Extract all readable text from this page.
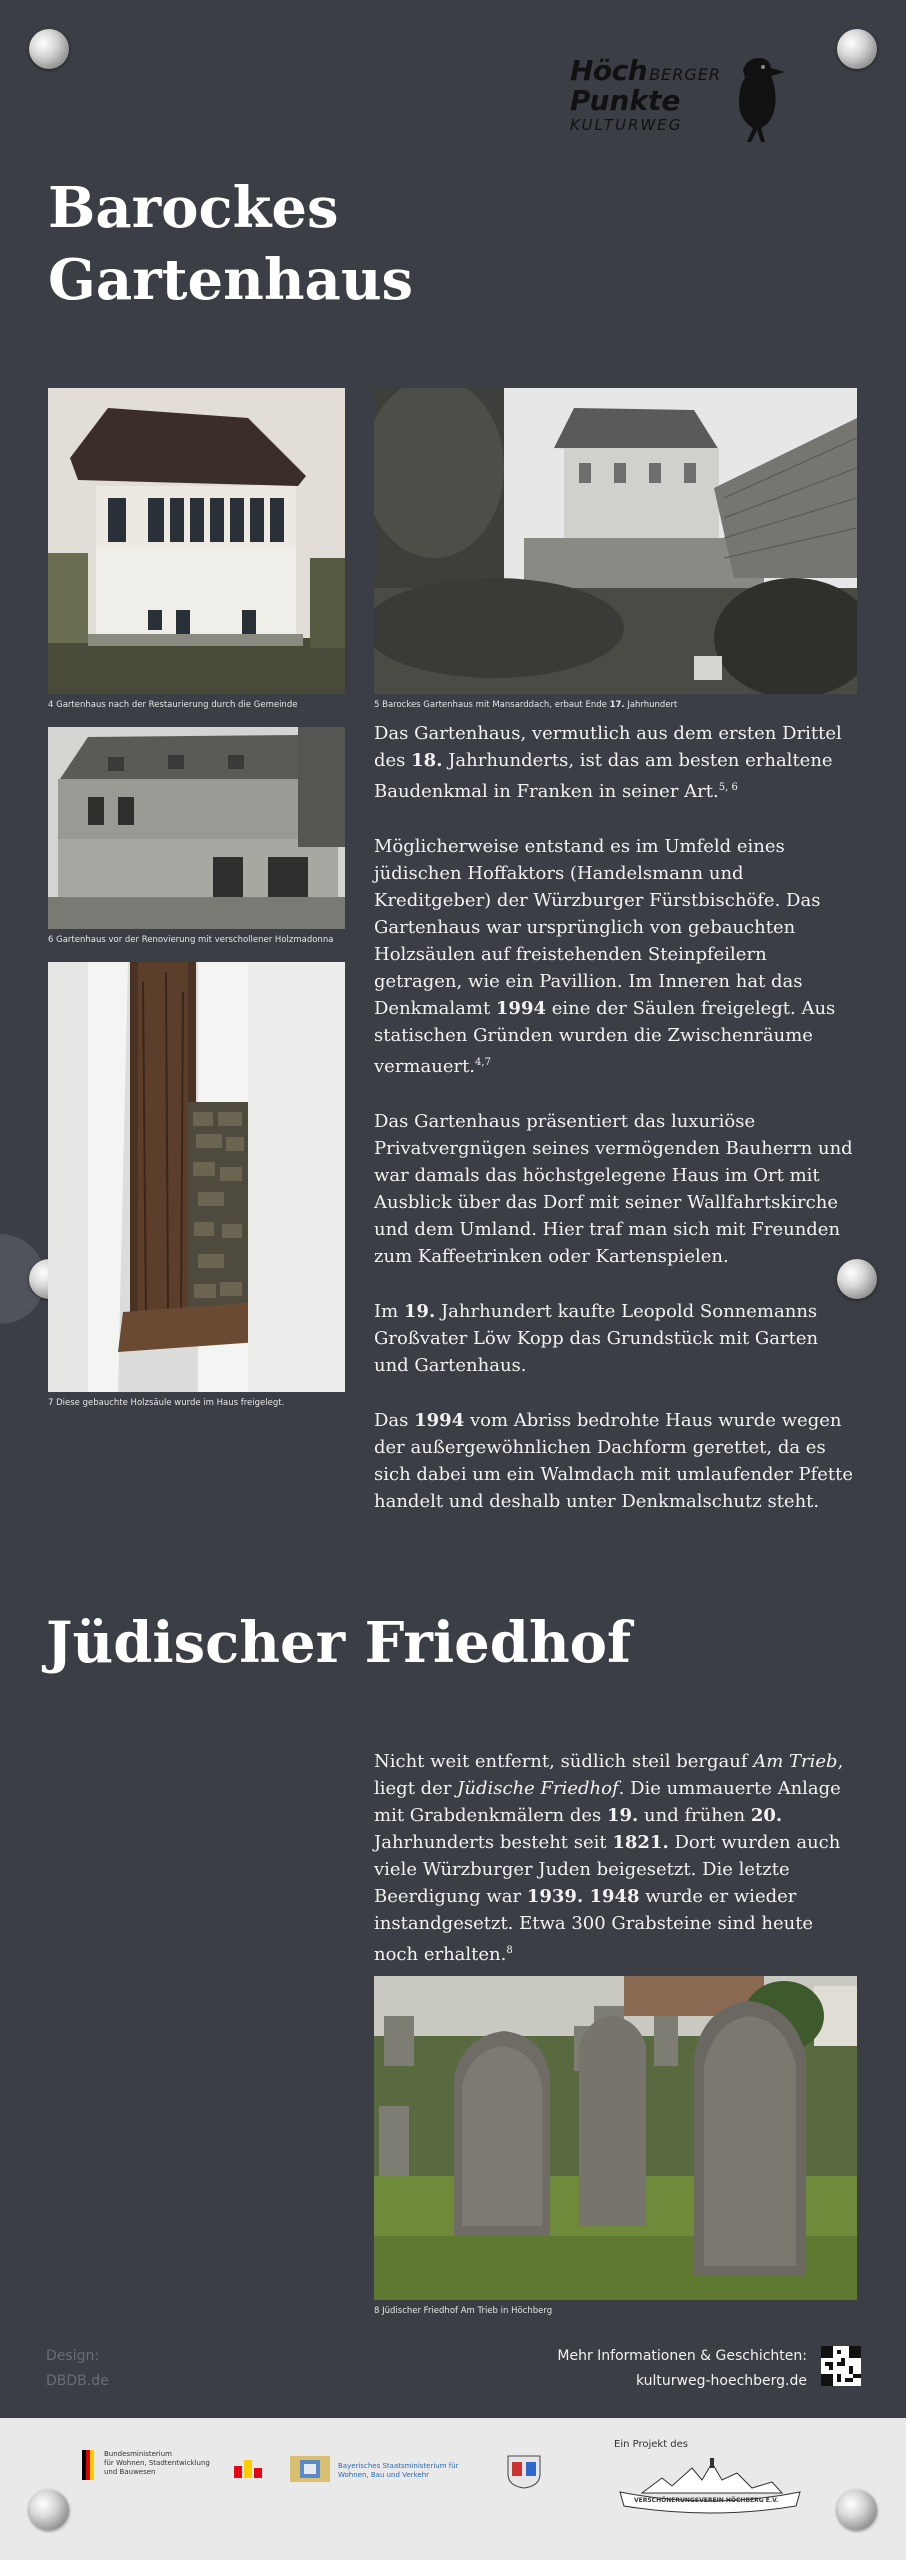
Höch BERGER
Punkte
KULTURWEG
Barockes
Gartenhaus
4 Gartenhaus nach der Restaurierung durch die Gemeinde	5 Barockes Gartenhaus mit Mansarddach, erbaut Ende 17. Jahrhundert
6 Gartenhaus vor der Renovierung mit verschollener Holzmadonna
7 Diese gebauchte Holzsäule wurde im Haus freigelegt.

Das Gartenhaus, vermutlich aus dem ersten Drittel des 18. Jahrhunderts, ist das am besten erhaltene Baudenkmal in Franken in seiner Art.$^{5, 6}$

Möglicherweise entstand es im Umfeld eines jüdischen Hoffaktors (Handelsmann und Kreditgeber) der Würzburger Fürstbischöfe. Das Gartenhaus war ursprünglich von gebauchten Holzsäulen auf freistehenden Steinpfeilern getragen, wie ein Pavillion. Im Inneren hat das Denkmalamt 1994 eine der Säulen freigelegt. Aus statischen Gründen wurden die Zwischenräume vermauert.$^{4,7}$

Das Gartenhaus präsentiert das luxuriöse Privatvergnügen seines vermögenden Bauherrn und war damals das höchstgelegene Haus im Ort mit Ausblick über das Dorf mit seiner Wallfahrtskirche und dem Umland. Hier traf man sich mit Freunden zum Kaffeetrinken oder Kartenspielen.

Im 19. Jahrhundert kaufte Leopold Sonnemanns Großvater Löw Kopp das Grundstück mit Garten und Gartenhaus.

Das 1994 vom Abriss bedrohte Haus wurde wegen der außergewöhnlichen Dachform gerettet, da es sich dabei um ein Walmdach mit umlaufender Pfette handelt und deshalb unter Denkmalschutz steht.

Jüdischer Friedhof

Nicht weit entfernt, südlich steil bergauf Am Trieb, liegt der Jüdische Friedhof. Die ummauerte Anlage mit Grabdenkmälern des 19. und frühen 20. Jahrhunderts besteht seit 1821. Dort wurden auch viele Würzburger Juden beigesetzt. Die letzte Beerdigung war 1939. 1948 wurde er wieder instandgesetzt. Etwa 300 Grabsteine sind heute noch erhalten.$^8$

8 Jüdischer Friedhof Am Trieb in Höchberg
Design:
DBDB.de
Mehr Informationen & Geschichten:
kulturweg-hoechberg.de
Bundesministerium
für Wohnen, Stadtentwicklung
und Bauwesen
Bayerisches Staatsministerium für
Wohnen, Bau und Verkehr
Ein Projekt des
VERSCHÖNERUNGSVEREIN HÖCHBERG E.V.
